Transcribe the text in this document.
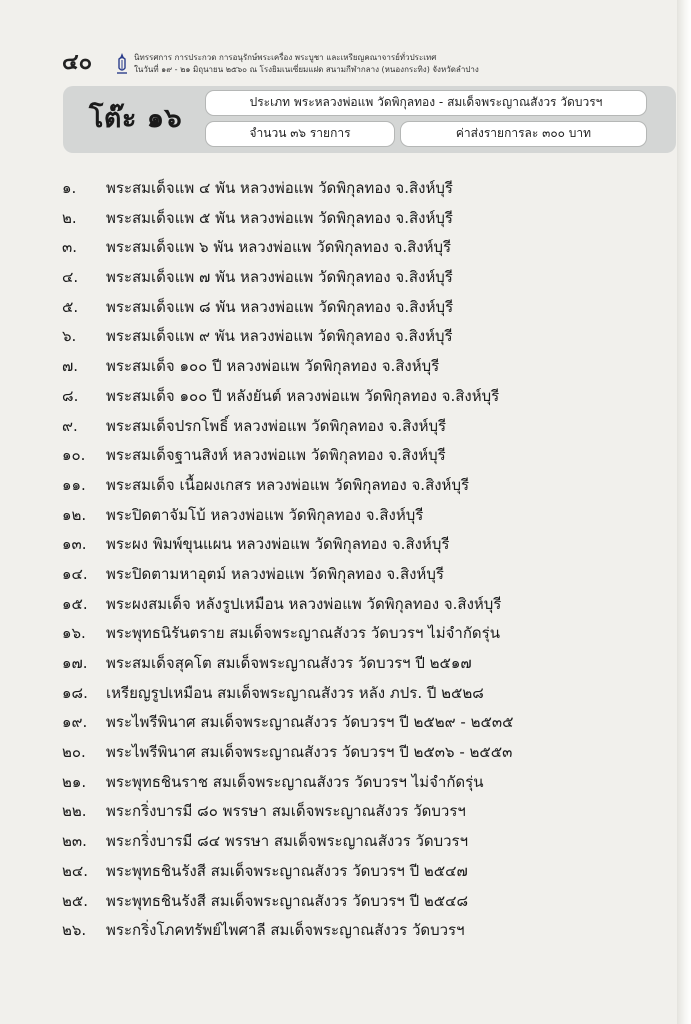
๔๐	นิทรรศการ การประกวด การอนุรักษ์พระเครื่อง พระบูชา และเหรียญคณาจารย์ทั่วประเทศ
ในวันที่ ๑๙ - ๒๑ มิถุนายน ๒๕๖๐ ณ โรงยิมเนเซี่ยมแฝด สนามกีฬากลาง (หนองกระทิง) จังหวัดลำปาง
โต๊ะ ๑๖
ประเภท พระหลวงพ่อแพ วัดพิกุลทอง - สมเด็จพระญาณสังวร วัดบวรฯ
จำนวน ๓๖ รายการ	ค่าส่งรายการละ ๓๐๐ บาท
๑.	พระสมเด็จแพ ๔ พัน หลวงพ่อแพ วัดพิกุลทอง จ.สิงห์บุรี
๒.	พระสมเด็จแพ ๕ พัน หลวงพ่อแพ วัดพิกุลทอง จ.สิงห์บุรี
๓.	พระสมเด็จแพ ๖ พัน หลวงพ่อแพ วัดพิกุลทอง จ.สิงห์บุรี
๔.	พระสมเด็จแพ ๗ พัน หลวงพ่อแพ วัดพิกุลทอง จ.สิงห์บุรี
๕.	พระสมเด็จแพ ๘ พัน หลวงพ่อแพ วัดพิกุลทอง จ.สิงห์บุรี
๖.	พระสมเด็จแพ ๙ พัน หลวงพ่อแพ วัดพิกุลทอง จ.สิงห์บุรี
๗.	พระสมเด็จ ๑๐๐ ปี หลวงพ่อแพ วัดพิกุลทอง จ.สิงห์บุรี
๘.	พระสมเด็จ ๑๐๐ ปี หลังยันต์ หลวงพ่อแพ วัดพิกุลทอง จ.สิงห์บุรี
๙.	พระสมเด็จปรกโพธิ์ หลวงพ่อแพ วัดพิกุลทอง จ.สิงห์บุรี
๑๐.	พระสมเด็จฐานสิงห์ หลวงพ่อแพ วัดพิกุลทอง จ.สิงห์บุรี
๑๑.	พระสมเด็จ เนื้อผงเกสร หลวงพ่อแพ วัดพิกุลทอง จ.สิงห์บุรี
๑๒.	พระปิดตาจัมโบ้ หลวงพ่อแพ วัดพิกุลทอง จ.สิงห์บุรี
๑๓.	พระผง พิมพ์ขุนแผน หลวงพ่อแพ วัดพิกุลทอง จ.สิงห์บุรี
๑๔.	พระปิดตามหาอุตม์ หลวงพ่อแพ วัดพิกุลทอง จ.สิงห์บุรี
๑๕.	พระผงสมเด็จ หลังรูปเหมือน หลวงพ่อแพ วัดพิกุลทอง จ.สิงห์บุรี
๑๖.	พระพุทธนิรันตราย สมเด็จพระญาณสังวร วัดบวรฯ ไม่จำกัดรุ่น
๑๗.	พระสมเด็จสุคโต สมเด็จพระญาณสังวร วัดบวรฯ ปี ๒๕๑๗
๑๘.	เหรียญรูปเหมือน สมเด็จพระญาณสังวร หลัง ภปร. ปี ๒๕๒๘
๑๙.	พระไพรีพินาศ สมเด็จพระญาณสังวร วัดบวรฯ ปี ๒๕๒๙ - ๒๕๓๕
๒๐.	พระไพรีพินาศ สมเด็จพระญาณสังวร วัดบวรฯ ปี ๒๕๓๖ - ๒๕๕๓
๒๑.	พระพุทธชินราช สมเด็จพระญาณสังวร วัดบวรฯ ไม่จำกัดรุ่น
๒๒.	พระกริ่งบารมี ๘๐ พรรษา สมเด็จพระญาณสังวร วัดบวรฯ
๒๓.	พระกริ่งบารมี ๘๔ พรรษา สมเด็จพระญาณสังวร วัดบวรฯ
๒๔.	พระพุทธชินรังสี สมเด็จพระญาณสังวร วัดบวรฯ ปี ๒๕๔๗
๒๕.	พระพุทธชินรังสี สมเด็จพระญาณสังวร วัดบวรฯ ปี ๒๕๔๘
๒๖.	พระกริ่งโภคทรัพย์ไพศาลี สมเด็จพระญาณสังวร วัดบวรฯ
